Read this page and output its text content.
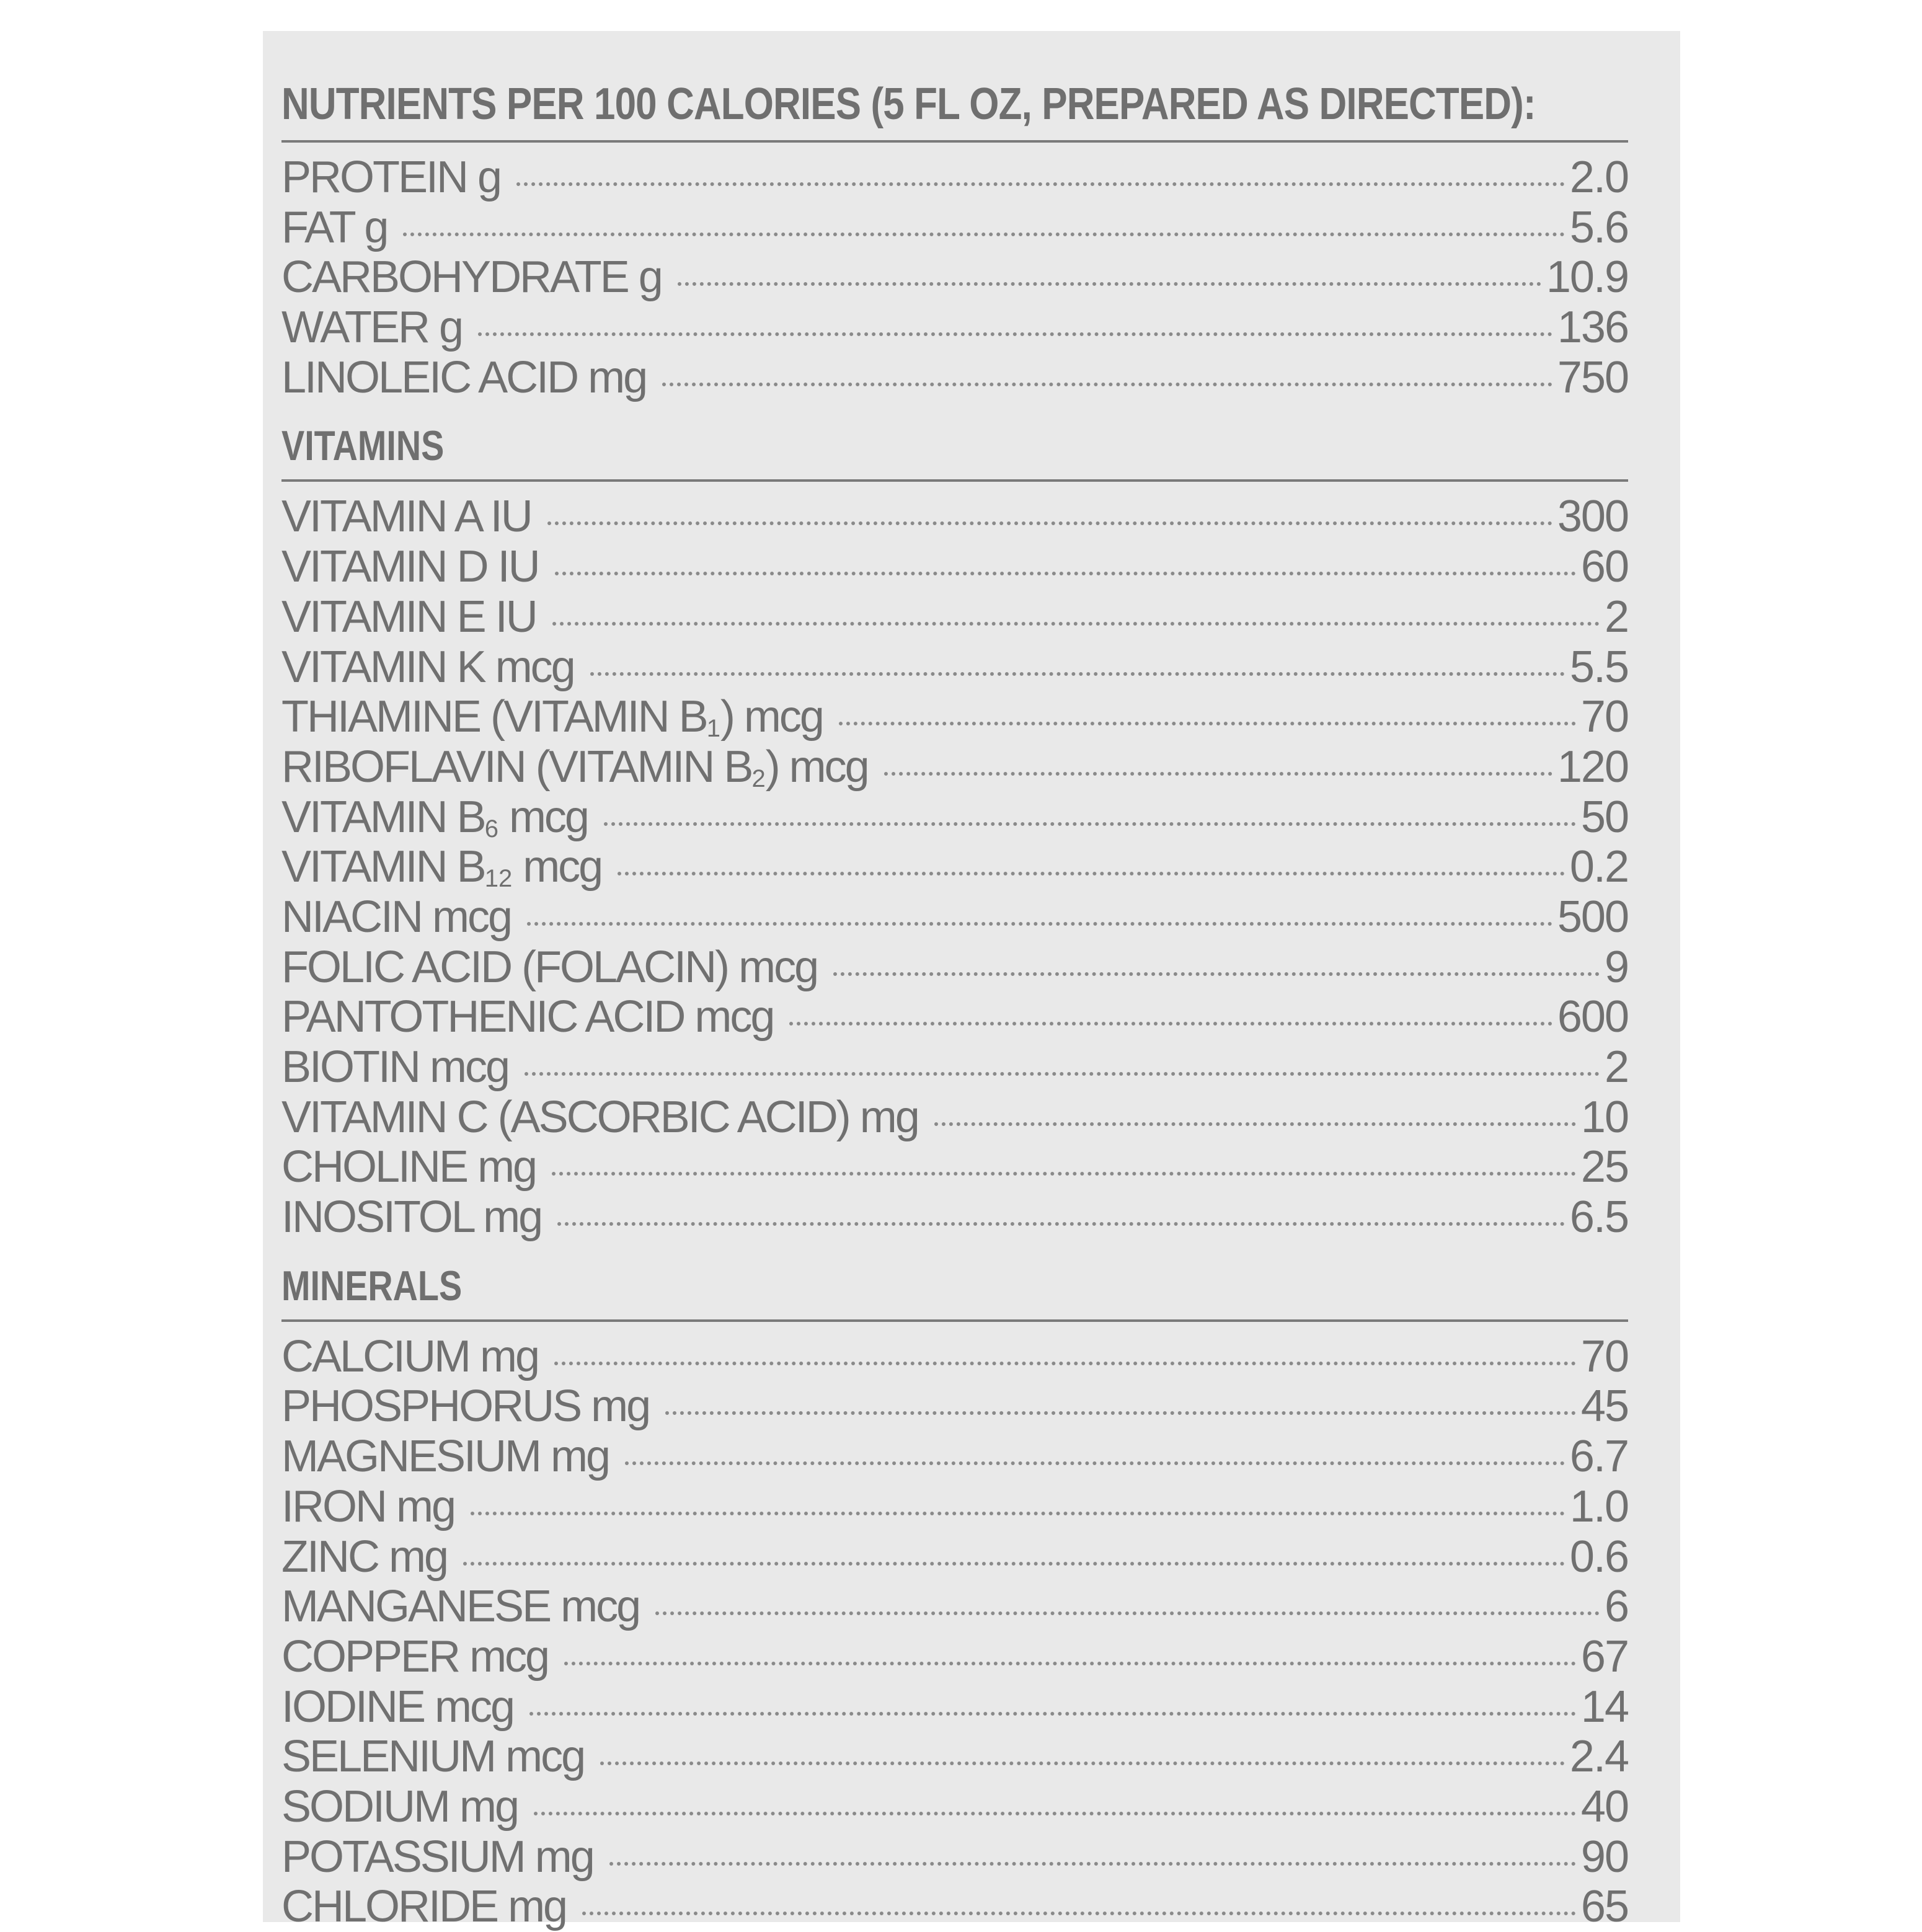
NUTRIENTS PER 100 CALORIES (5 FL OZ, PREPARED AS DIRECTED):
PROTEIN g	2.0
FAT g	5.6
CARBOHYDRATE g	10.9
WATER g	136
LINOLEIC ACID mg	750
VITAMINS
VITAMIN A IU	300
VITAMIN D IU	60
VITAMIN E IU	2
VITAMIN K mcg	5.5
THIAMINE (VITAMIN $B_1$) mcg	70
RIBOFLAVIN (VITAMIN $B_2$) mcg	120
VITAMIN $B_6$ mcg	50
VITAMIN $B_{12}$ mcg	0.2
NIACIN mcg	500
FOLIC ACID (FOLACIN) mcg	9
PANTOTHENIC ACID mcg	600
BIOTIN mcg	2
VITAMIN C (ASCORBIC ACID) mg	10
CHOLINE mg	25
INOSITOL mg	6.5
MINERALS
CALCIUM mg	70
PHOSPHORUS mg	45
MAGNESIUM mg	6.7
IRON mg	1.0
ZINC mg	0.6
MANGANESE mcg	6
COPPER mcg	67
IODINE mcg	14
SELENIUM mcg	2.4
SODIUM mg	40
POTASSIUM mg	90
CHLORIDE mg	65
